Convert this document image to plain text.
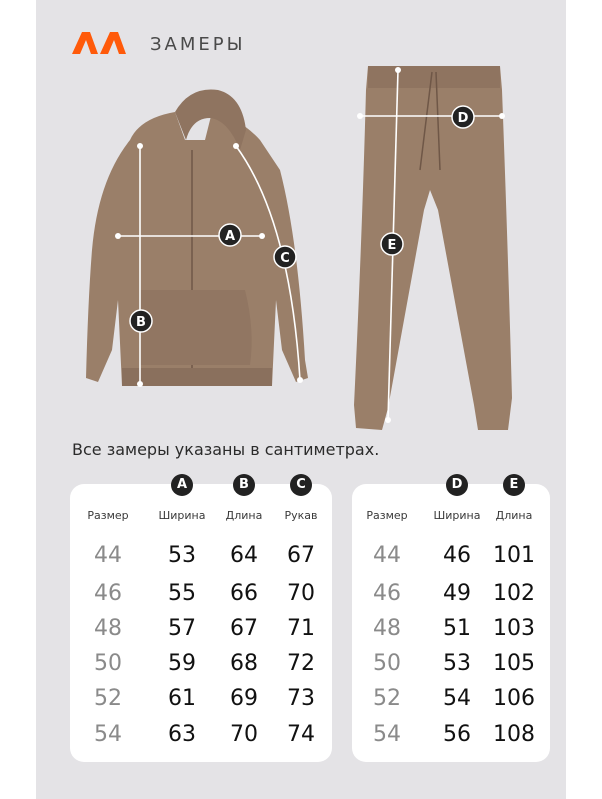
ЗАМЕРЫ
A
B
C
D
E
Все замеры указаны в сантиметрах.
A	B	C
Размер	Ширина	Длина	Рукав
44	53	64	67
46	55	66	70
48	57	67	71
50	59	68	72
52	61	69	73
54	63	70	74
D	E
Размер	Ширина	Длина
44	46	101
46	49	102
48	51	103
50	53	105
52	54	106
54	56	108
